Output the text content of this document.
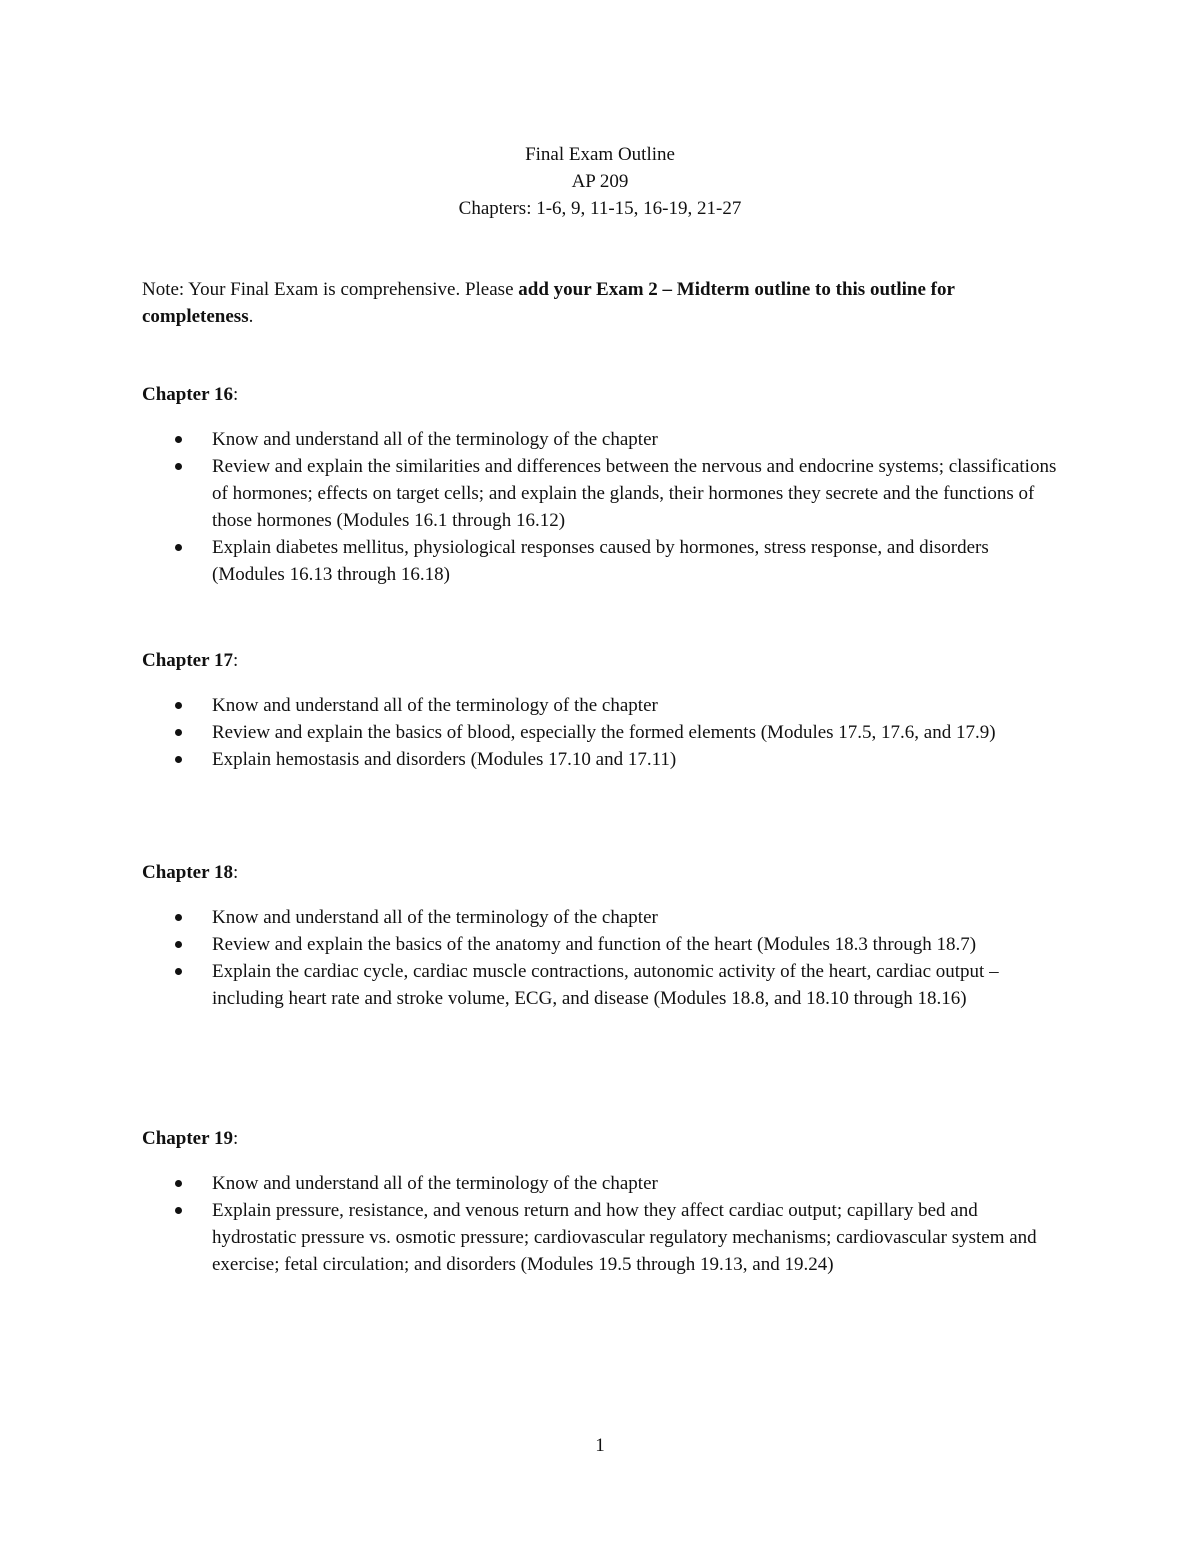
Final Exam Outline
AP 209
Chapters: 1-6, 9, 11-15, 16-19, 21-27
Note: Your Final Exam is comprehensive. Please add your Exam 2 – Midterm outline to this outline for completeness.
Chapter 16:
Know and understand all of the terminology of the chapter
Review and explain the similarities and differences between the nervous and endocrine systems; classifications of hormones; effects on target cells; and explain the glands, their hormones they secrete and the functions of those hormones (Modules 16.1 through 16.12)
Explain diabetes mellitus, physiological responses caused by hormones, stress response, and disorders (Modules 16.13 through 16.18)
Chapter 17:
Know and understand all of the terminology of the chapter
Review and explain the basics of blood, especially the formed elements (Modules 17.5, 17.6, and 17.9)
Explain hemostasis and disorders (Modules 17.10 and 17.11)
Chapter 18:
Know and understand all of the terminology of the chapter
Review and explain the basics of the anatomy and function of the heart (Modules 18.3 through 18.7)
Explain the cardiac cycle, cardiac muscle contractions, autonomic activity of the heart, cardiac output – including heart rate and stroke volume, ECG, and disease (Modules 18.8, and 18.10 through 18.16)
Chapter 19:
Know and understand all of the terminology of the chapter
Explain pressure, resistance, and venous return and how they affect cardiac output; capillary bed and hydrostatic pressure vs. osmotic pressure; cardiovascular regulatory mechanisms; cardiovascular system and exercise; fetal circulation; and disorders (Modules 19.5 through 19.13, and 19.24)
1
